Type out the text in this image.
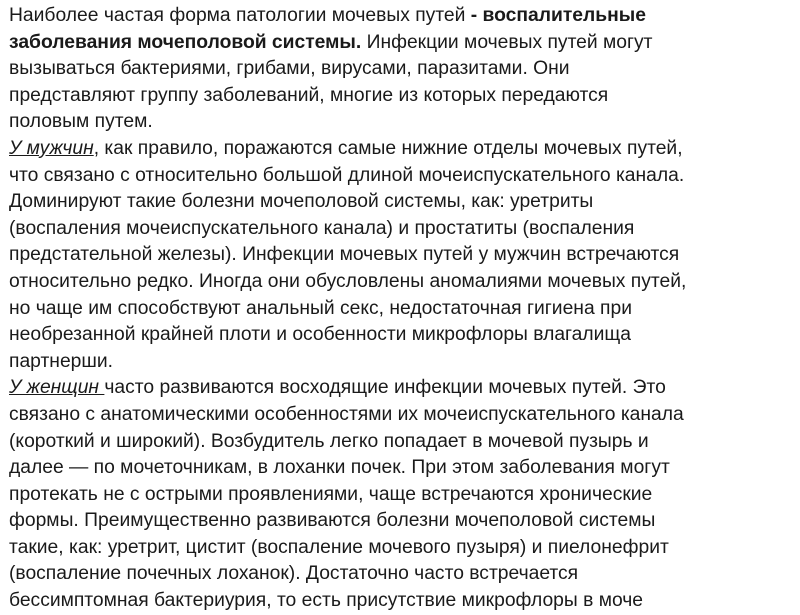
Наиболее частая форма патологии мочевых путей - воспалительные
заболевания мочеполовой системы. Инфекции мочевых путей могут
вызываться бактериями, грибами, вирусами, паразитами. Они
представляют группу заболеваний, многие из которых передаются
половым путем.
У мужчин, как правило, поражаются самые нижние отделы мочевых путей,
что связано с относительно большой длиной мочеиспускательного канала.
Доминируют такие болезни мочеполовой системы, как: уретриты
(воспаления мочеиспускательного канала) и простатиты (воспаления
предстательной железы). Инфекции мочевых путей у мужчин встречаются
относительно редко. Иногда они обусловлены аномалиями мочевых путей,
но чаще им способствуют анальный секс, недостаточная гигиена при
необрезанной крайней плоти и особенности микрофлоры влагалища
партнерши.
У женщин часто развиваются восходящие инфекции мочевых путей. Это
связано с анатомическими особенностями их мочеиспускательного канала
(короткий и широкий). Возбудитель легко попадает в мочевой пузырь и
далее — по мочеточникам, в лоханки почек. При этом заболевания могут
протекать не с острыми проявлениями, чаще встречаются хронические
формы. Преимущественно развиваются болезни мочеполовой системы
такие, как: уретрит, цистит (воспаление мочевого пузыря) и пиелонефрит
(воспаление почечных лоханок). Достаточно часто встречается
бессимптомная бактериурия, то есть присутствие микрофлоры в моче
